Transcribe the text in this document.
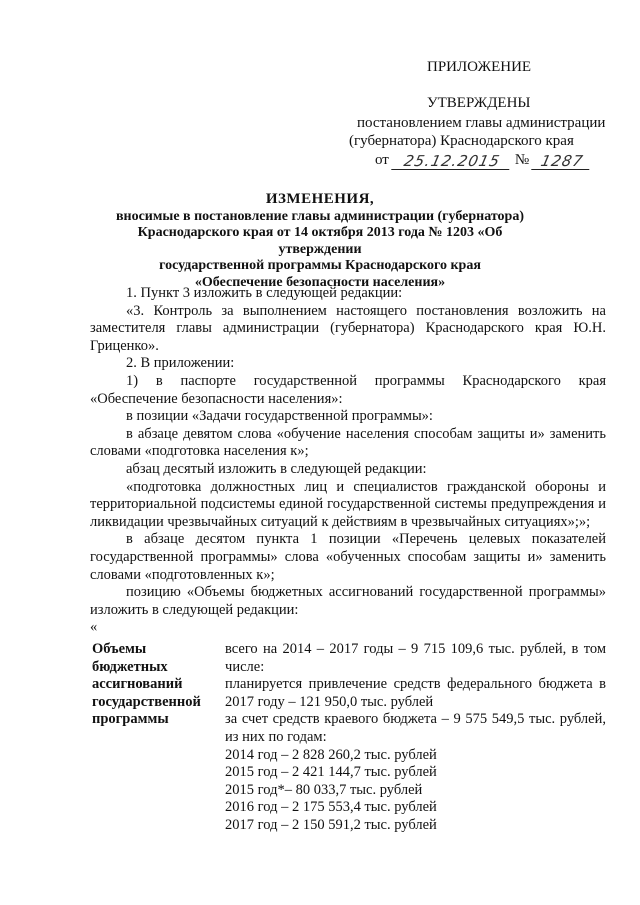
ПРИЛОЖЕНИЕ
УТВЕРЖДЕНЫ
постановлением главы администрации
(губернатора) Краснодарского края
от 25.12.2015 № 1287
ИЗМЕНЕНИЯ,
вносимые в постановление главы администрации (губернатора)
Краснодарского края от 14 октября 2013 года № 1203 «Об утверждении
государственной программы Краснодарского края
«Обеспечение безопасности населения»

1. Пункт 3 изложить в следующей редакции:

«3. Контроль за выполнением настоящего постановления возложить на заместителя главы администрации (губернатора) Краснодарского края Ю.Н. Гриценко».

2. В приложении:

1) в паспорте государственной программы Краснодарского края «Обеспечение безопасности населения»:

в позиции «Задачи государственной программы»:

в абзаце девятом слова «обучение населения способам защиты и» заменить словами «подготовка населения к»;

абзац десятый изложить в следующей редакции:

«подготовка должностных лиц и специалистов гражданской обороны и территориальной подсистемы единой государственной системы предупреждения и ликвидации чрезвычайных ситуаций к действиям в чрезвычайных ситуациях»;»;

в абзаце десятом пункта 1 позиции «Перечень целевых показателей государственной программы» слова «обученных способам защиты и» заменить словами «подготовленных к»;

позицию «Объемы бюджетных ассигнований государственной программы» изложить в следующей редакции:

«

Объемы
бюджетных
ассигнований
государственной
программы

всего на 2014 – 2017 годы – 9 715 109,6 тыс. рублей, в том числе:

планируется привлечение средств федерального бюджета в 2017 году – 121 950,0 тыс. рублей

за счет средств краевого бюджета – 9 575 549,5 тыс. рублей, из них по годам:

2014 год – 2 828 260,2 тыс. рублей

2015 год – 2 421 144,7 тыс. рублей

2015 год*– 80 033,7 тыс. рублей

2016 год – 2 175 553,4 тыс. рублей

2017 год – 2 150 591,2 тыс. рублей
